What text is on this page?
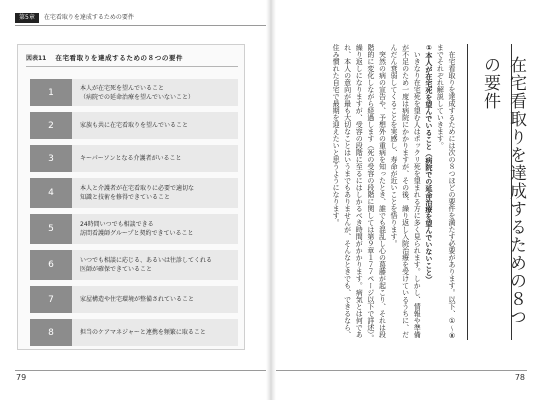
第5章	在宅看取りを達成するための要件
図表11 在宅看取りを達成するための８つの要件
1	本人が在宅死を望んでいること
（病院での延命治療を望んでいないこと）
2	家族も共に在宅看取りを望んでいること
3	キーパーソンとなる介護者がいること
4	本人と介護者が在宅看取りに必要で適切な
知識と技術を修得できていること
5	24時間いつでも相談できる
訪問看護師グループと契約できていること
6	いつでも相談に応じる、あるいは往診してくれる
医師が確保できていること
7	家屋構造や住宅環境が整備されていること
8	担当のケアマネジャーと連携を頻繁に取ること
79
在宅看取りを達成するための８つの要件

在宅看取りを達成するためには次の８つほどの要件を満たす必要があります。以下、①〜⑧までそれぞれ解説していきます。

①本人が在宅死を望んでいること（病院での延命治療を望んでいないこと）

いきなり在宅死を望む人はポックリ死を望まれる方に多く見られます。しかし、情報や準備が不足のため一度は病院にかかりますが、その後、繰り返し入院治療を受けているうちに、だんだん衰弱してくることを実感し、寿命が近いことを悟ります。

突然の病の宣告や、予想外の重病を知ったとき、誰でも混乱し心の葛藤が起こり、それは段階的に変化しながら経過します（死の受容の段階に関しては第９章１７７ページ以下で詳述）。繰り返しになりますが、受容の段階に至るにはしかるべき時間がかかります。病気とは何であれ、本人の意向が最も大切なことはいうまでもありませんが、そんなときでも、できるなら、住み慣れた自宅で最期を迎えたいと思うようになります。

78
